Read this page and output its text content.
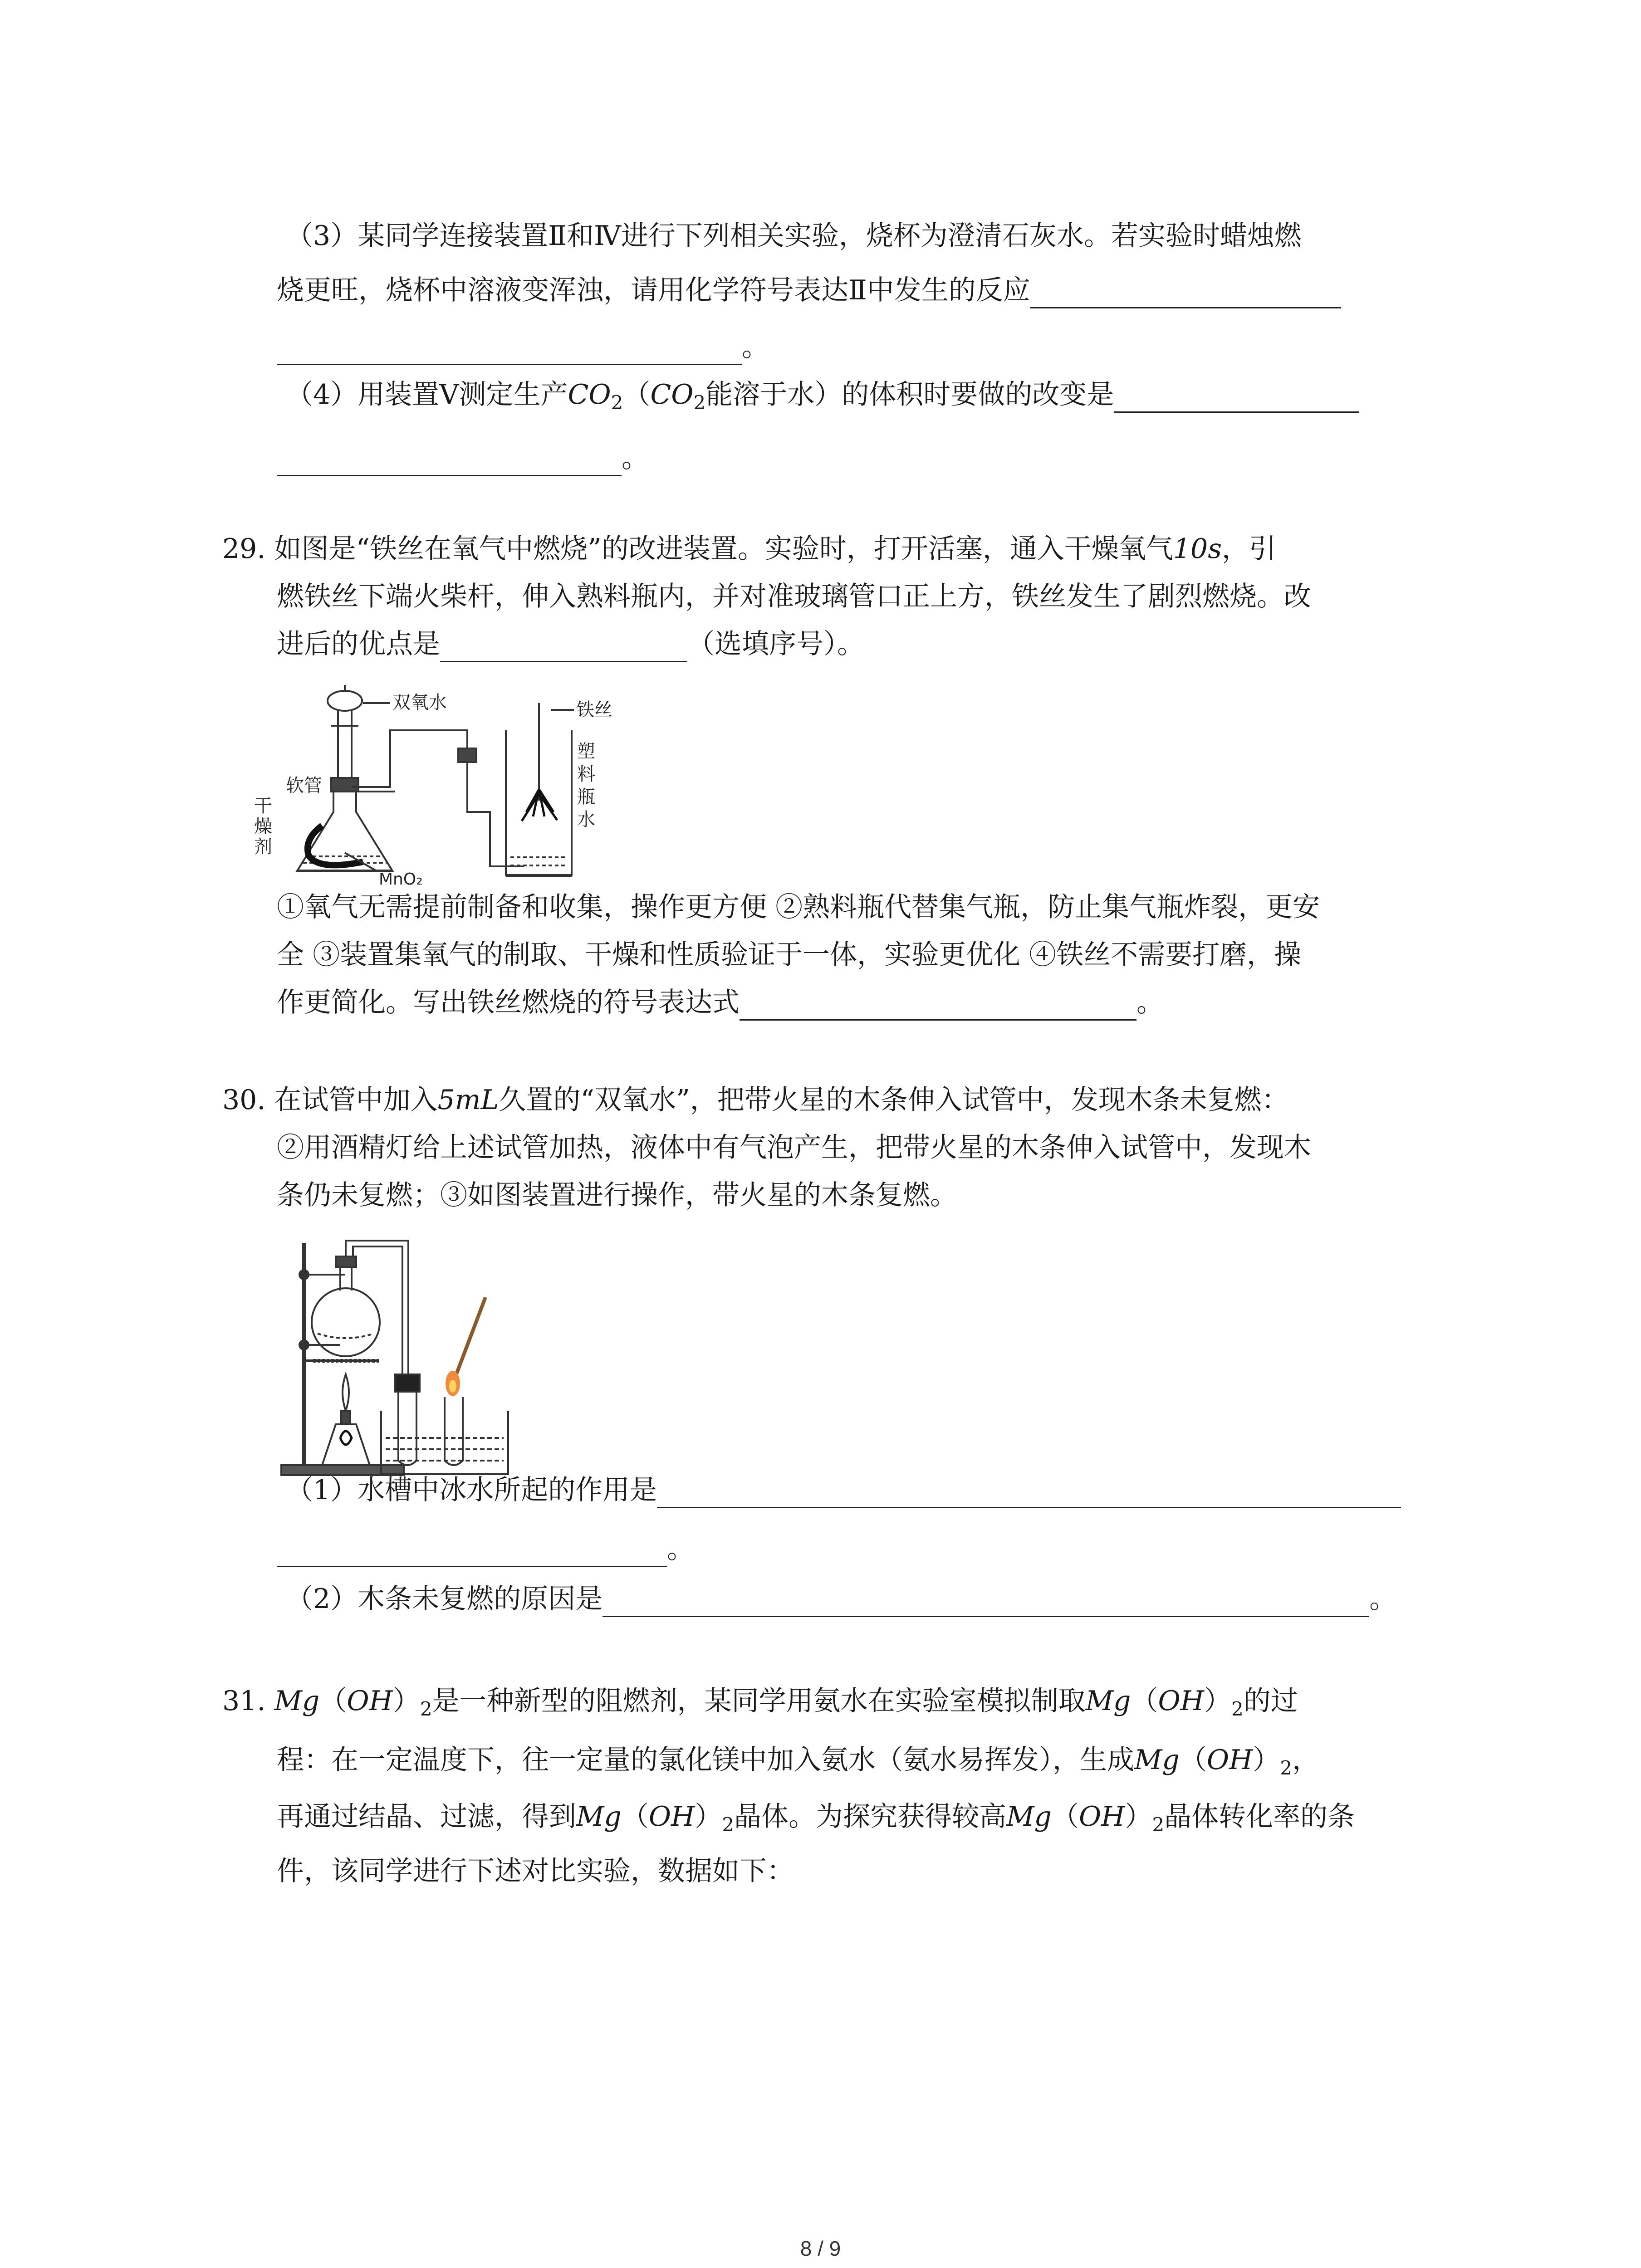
（3）某同学连接装置Ⅱ和Ⅳ进行下列相关实验，烧杯为澄清石灰水。若实验时蜡烛燃
烧更旺，烧杯中溶液变浑浊，请用化学符号表达Ⅱ中发生的反应
。
（4）用装置Ⅴ测定生产$CO_2(CO_2$能溶于水）的体积时要做的改变是
。
29. 如图是“铁丝在氧气中燃烧”的改进装置。实验时，打开活塞，通入干燥氧气10s，引
燃铁丝下端火柴杆，伸入熟料瓶内，并对准玻璃管口正上方，铁丝发生了剧烈燃烧。改
进后的优点是	（选填序号）。
双氧水
软管
干
燥
剂
MnO₂
铁丝
塑
料
瓶
水
①氧气无需提前制备和收集，操作更方便 ②熟料瓶代替集气瓶，防止集气瓶炸裂，更安
全 ③装置集氧气的制取、干燥和性质验证于一体，实验更优化 ④铁丝不需要打磨，操
作更简化。写出铁丝燃烧的符号表达式	。
30. 在试管中加入5mL久置的“双氧水”，把带火星的木条伸入试管中，发现木条未复燃：
②用酒精灯给上述试管加热，液体中有气泡产生，把带火星的木条伸入试管中，发现木
条仍未复燃；③如图装置进行操作，带火星的木条复燃。
（1）水槽中冰水所起的作用是
。
（2）木条未复燃的原因是	。
31. $Mg(OH)_2$是一种新型的阻燃剂，某同学用氨水在实验室模拟制取$Mg(OH)_2$的过
程：在一定温度下，往一定量的氯化镁中加入氨水（氨水易挥发），生成$Mg(OH)_2$，
再通过结晶、过滤，得到$Mg(OH)_2$晶体。为探究获得较高$Mg(OH)_2$晶体转化率的条
件，该同学进行下述对比实验，数据如下：
8 / 9
